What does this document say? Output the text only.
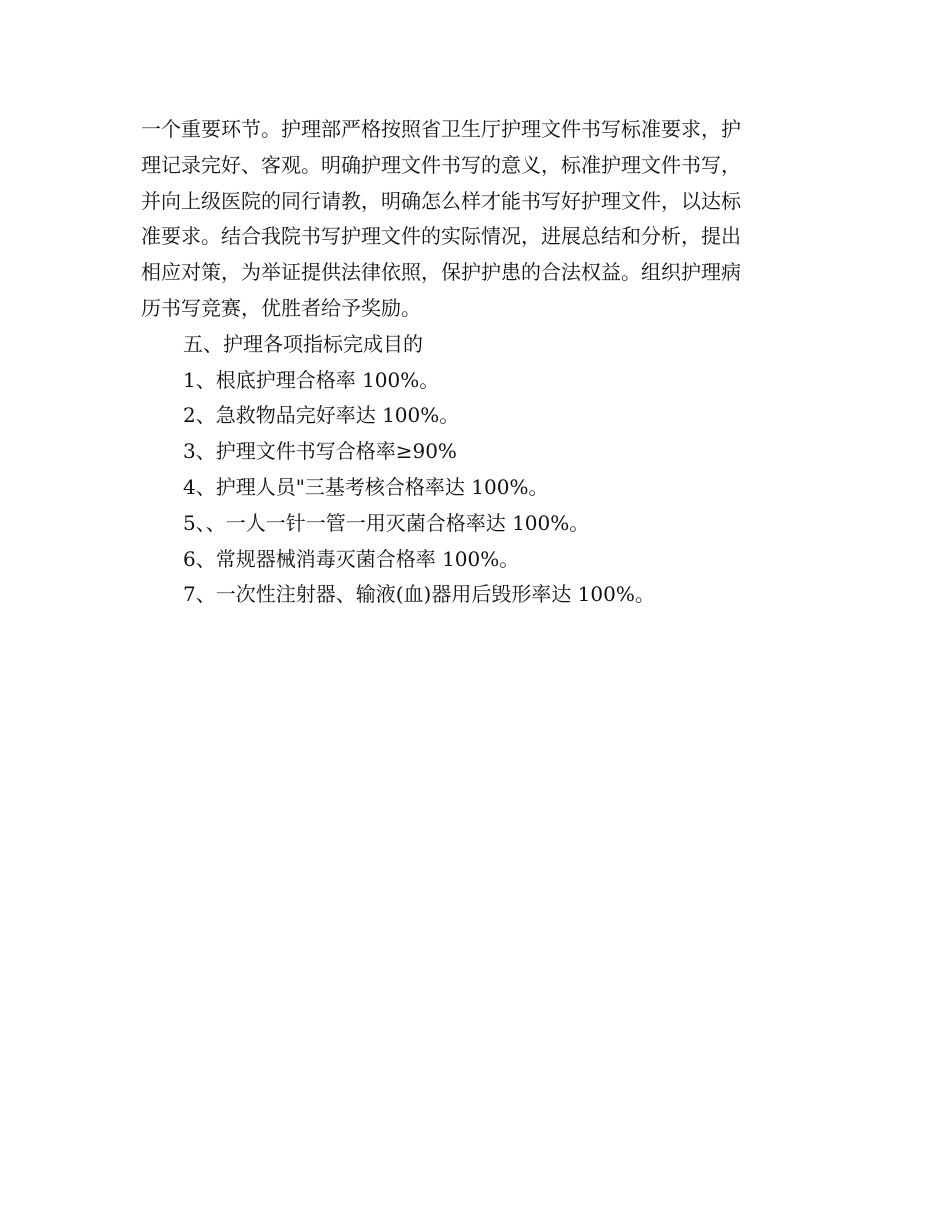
一个重要环节。护理部严格按照省卫生厅护理文件书写标准要求，护
理记录完好、客观。明确护理文件书写的意义，标准护理文件书写，
并向上级医院的同行请教，明确怎么样才能书写好护理文件，以达标
准要求。结合我院书写护理文件的实际情况，进展总结和分析，提出
相应对策，为举证提供法律依照，保护护患的合法权益。组织护理病
历书写竞赛，优胜者给予奖励。
五、护理各项指标完成目的
1、根底护理合格率 100%。
2、急救物品完好率达 100%。
3、护理文件书写合格率≥90%
4、护理人员"三基考核合格率达 100%。
5、、一人一针一管一用灭菌合格率达 100%。
6、常规器械消毒灭菌合格率 100%。
7、一次性注射器、输液(血)器用后毁形率达 100%。
